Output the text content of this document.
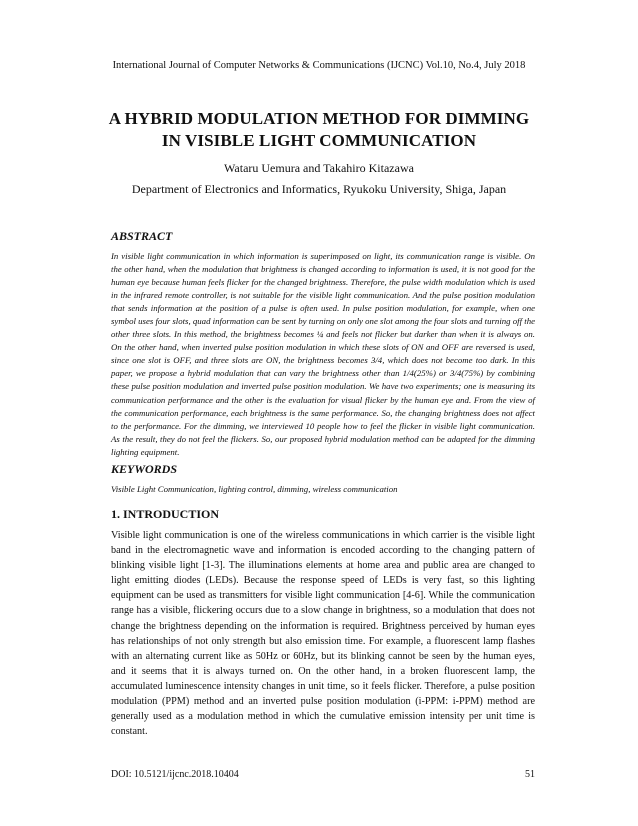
International Journal of Computer Networks & Communications (IJCNC) Vol.10, No.4, July 2018
A HYBRID MODULATION METHOD FOR DIMMING
IN VISIBLE LIGHT COMMUNICATION
Wataru Uemura and Takahiro Kitazawa
Department of Electronics and Informatics, Ryukoku University, Shiga, Japan
ABSTRACT
In visible light communication in which information is superimposed on light, its communication range is visible. On the other hand, when the modulation that brightness is changed according to information is used, it is not good for the human eye because human feels flicker for the changed brightness. Therefore, the pulse width modulation which is used in the infrared remote controller, is not suitable for the visible light communication. And the pulse position modulation that sends information at the position of a pulse is often used. In pulse position modulation, for example, when one symbol uses four slots, quad information can be sent by turning on only one slot among the four slots and turning off the other three slots. In this method, the brightness becomes ¼ and feels not flicker but darker than when it is always on. On the other hand, when inverted pulse position modulation in which these slots of ON and OFF are reversed is used, since one slot is OFF, and three slots are ON, the brightness becomes 3/4, which does not become too dark. In this paper, we propose a hybrid modulation that can vary the brightness other than 1/4(25%) or 3/4(75%) by combining these pulse position modulation and inverted pulse position modulation. We have two experiments; one is measuring its communication performance and the other is the evaluation for visual flicker by the human eye and. From the view of the communication performance, each brightness is the same performance. So, the changing brightness does not affect to the performance. For the dimming, we interviewed 10 people how to feel the flicker in visible light communication. As the result, they do not feel the flickers. So, our proposed hybrid modulation method can be adapted for the dimming lighting equipment.
KEYWORDS
Visible Light Communication, lighting control, dimming, wireless communication
1. INTRODUCTION
Visible light communication is one of the wireless communications in which carrier is the visible light band in the electromagnetic wave and information is encoded according to the changing pattern of blinking visible light [1-3]. The illuminations elements at home area and public area are changed to light emitting diodes (LEDs). Because the response speed of LEDs is very fast, so this lighting equipment can be used as transmitters for visible light communication [4-6]. While the communication range has a visible, flickering occurs due to a slow change in brightness, so a modulation that does not change the brightness depending on the information is required. Brightness perceived by human eyes has relationships of not only strength but also emission time. For example, a fluorescent lamp flashes with an alternating current like as 50Hz or 60Hz, but its blinking cannot be seen by the human eyes, and it seems that it is always turned on. On the other hand, in a broken fluorescent lamp, the accumulated luminescence intensity changes in unit time, so it feels flicker. Therefore, a pulse position modulation (PPM) method and an inverted pulse position modulation (i-PPM: i-PPM) method are generally used as a modulation method in which the cumulative emission intensity per unit time is constant.
DOI: 10.5121/ijcnc.2018.10404	51
